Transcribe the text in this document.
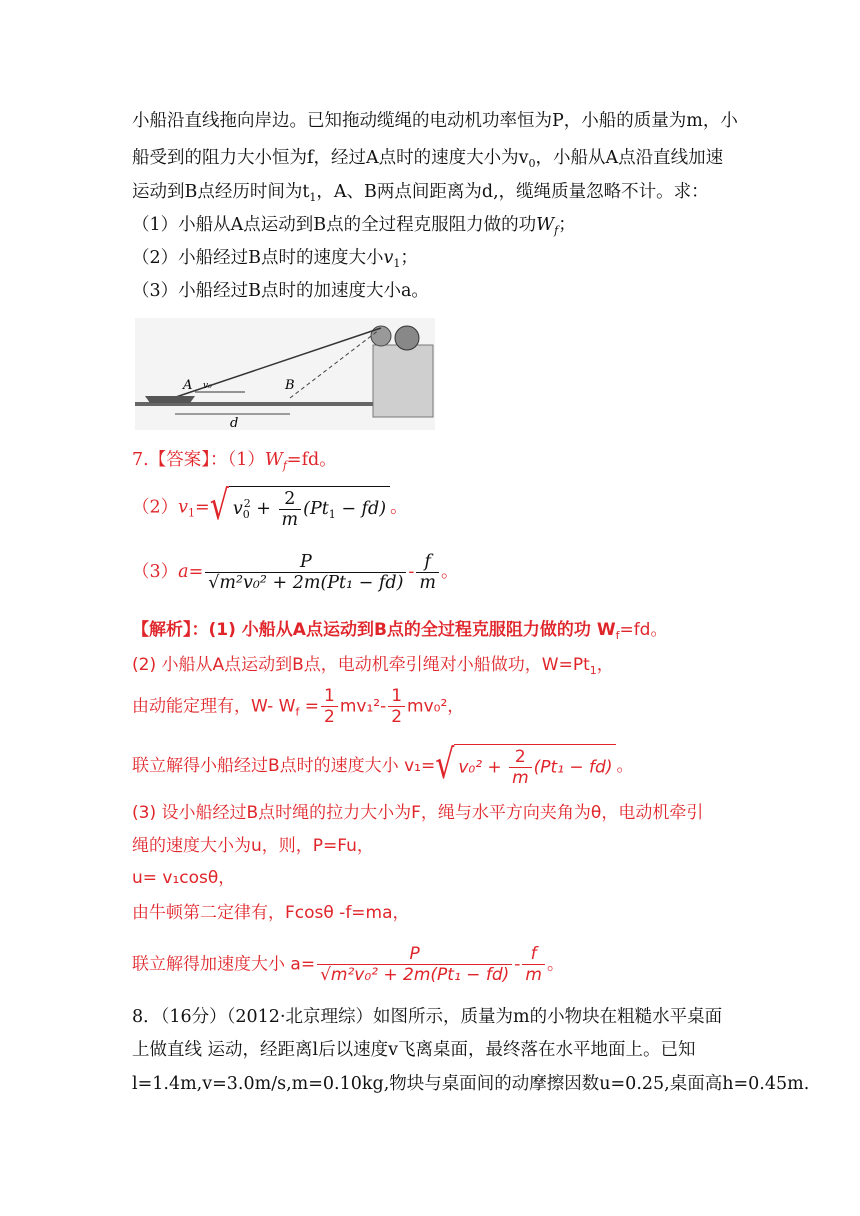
小船沿直线拖向岸边。已知拖动缆绳的电动机功率恒为P，小船的质量为m，小
船受到的阻力大小恒为f，经过A点时的速度大小为$v_0$，小船从A点沿直线加速
运动到B点经历时间为$t_1$，A、B两点间距离为d,，缆绳质量忽略不计。求：
（1）小船从A点运动到B点的全过程克服阻力做的功$W_f$；
（2）小船经过B点时的速度大小$v_1$；
（3）小船经过B点时的加速度大小a。
A	B
d
v₀
7.【答案】：$(1)W_f=fd$。
$(2)v_1=√$ $v_0^2 + \frac{2}{m} (Pt_1 - fd)$ 。
$(3)a= \frac{P}{\text{√m²v₀² + 2m(Pt₁ − fd)}} - \frac{f}{m}$ 。
【解析】：(1) 小船从A点运动到B点的全过程克服阻力做的功 $W_f=fd$。
(2) 小船从A点运动到B点，电动机牵引绳对小船做功，$W=Pt_1$，
由动能定理有，W- $W_f = \frac{1}{2} mv_1^2- \frac{1}{2} mv_0^2$，
联立解得小船经过B点时的速度大小 v₁=√ $v_0^2 + \frac{2}{m} (Pt_1 - fd)$ 。
(3) 设小船经过B点时绳的拉力大小为F，绳与水平方向夹角为θ，电动机牵引
绳的速度大小为u，则，P=Fu，
u= v₁cosθ，
由牛顿第二定律有，Fcosθ -f=ma，
联立解得加速度大小 $a= \frac{P}{\text{√m²v₀² + 2m(Pt₁ − fd)}} - \frac{f}{m}$ 。
8．（16分）（2012·北京理综）如图所示，质量为m的小物块在粗糙水平桌面
上做直线 运动，经距离l后以速度v飞离桌面，最终落在水平地面上。已知
l=1.4m,v=3.0m/s,m=0.10kg,物块与桌面间的动摩擦因数u=0.25,桌面高h=0.45m.
